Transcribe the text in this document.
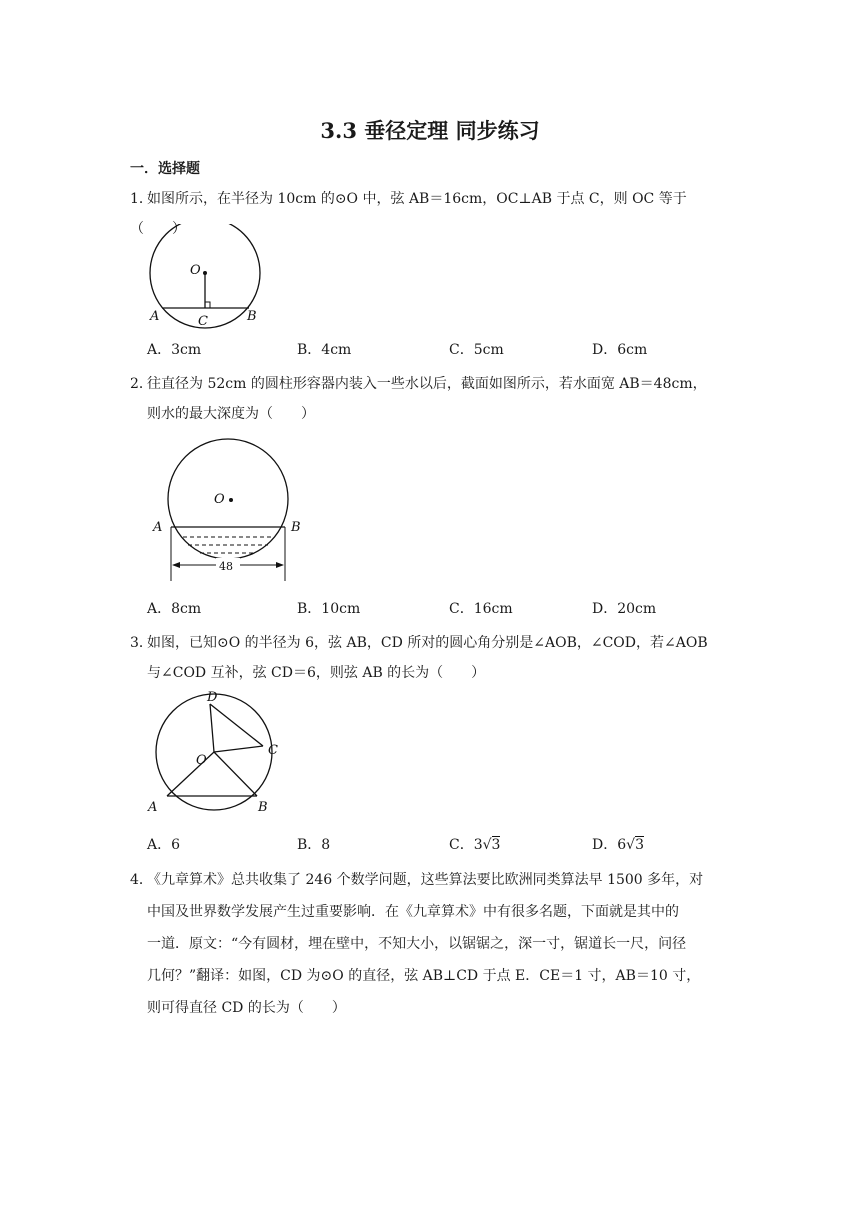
3.3 垂径定理 同步练习
一．选择题
1．如图所示，在半径为 10cm 的⊙O 中，弦 AB＝16cm，OC⊥AB 于点 C，则 OC 等于（　　）
O
A	B
C
A．3cm	B．4cm	C．5cm	D．6cm
2．往直径为 52cm 的圆柱形容器内装入一些水以后，截面如图所示，若水面宽 AB＝48cm，
则水的最大深度为（　　）
O
A	B
48
A．8cm	B．10cm	C．16cm	D．20cm
3．如图，已知⊙O 的半径为 6，弦 AB，CD 所对的圆心角分别是∠AOB，∠COD，若∠AOB
与∠COD 互补，弦 CD＝6，则弦 AB 的长为（　　）
D
C
O
A	B
A．6	B．8	C．3√3	D．6√3
4．《九章算术》总共收集了 246 个数学问题，这些算法要比欧洲同类算法早 1500 多年，对
中国及世界数学发展产生过重要影响．在《九章算术》中有很多名题，下面就是其中的
一道．原文：“今有圆材，埋在壁中，不知大小，以锯锯之，深一寸，锯道长一尺，问径
几何？”翻译：如图，CD 为⊙O 的直径，弦 AB⊥CD 于点 E．CE＝1 寸，AB＝10 寸，
则可得直径 CD 的长为（　　）
